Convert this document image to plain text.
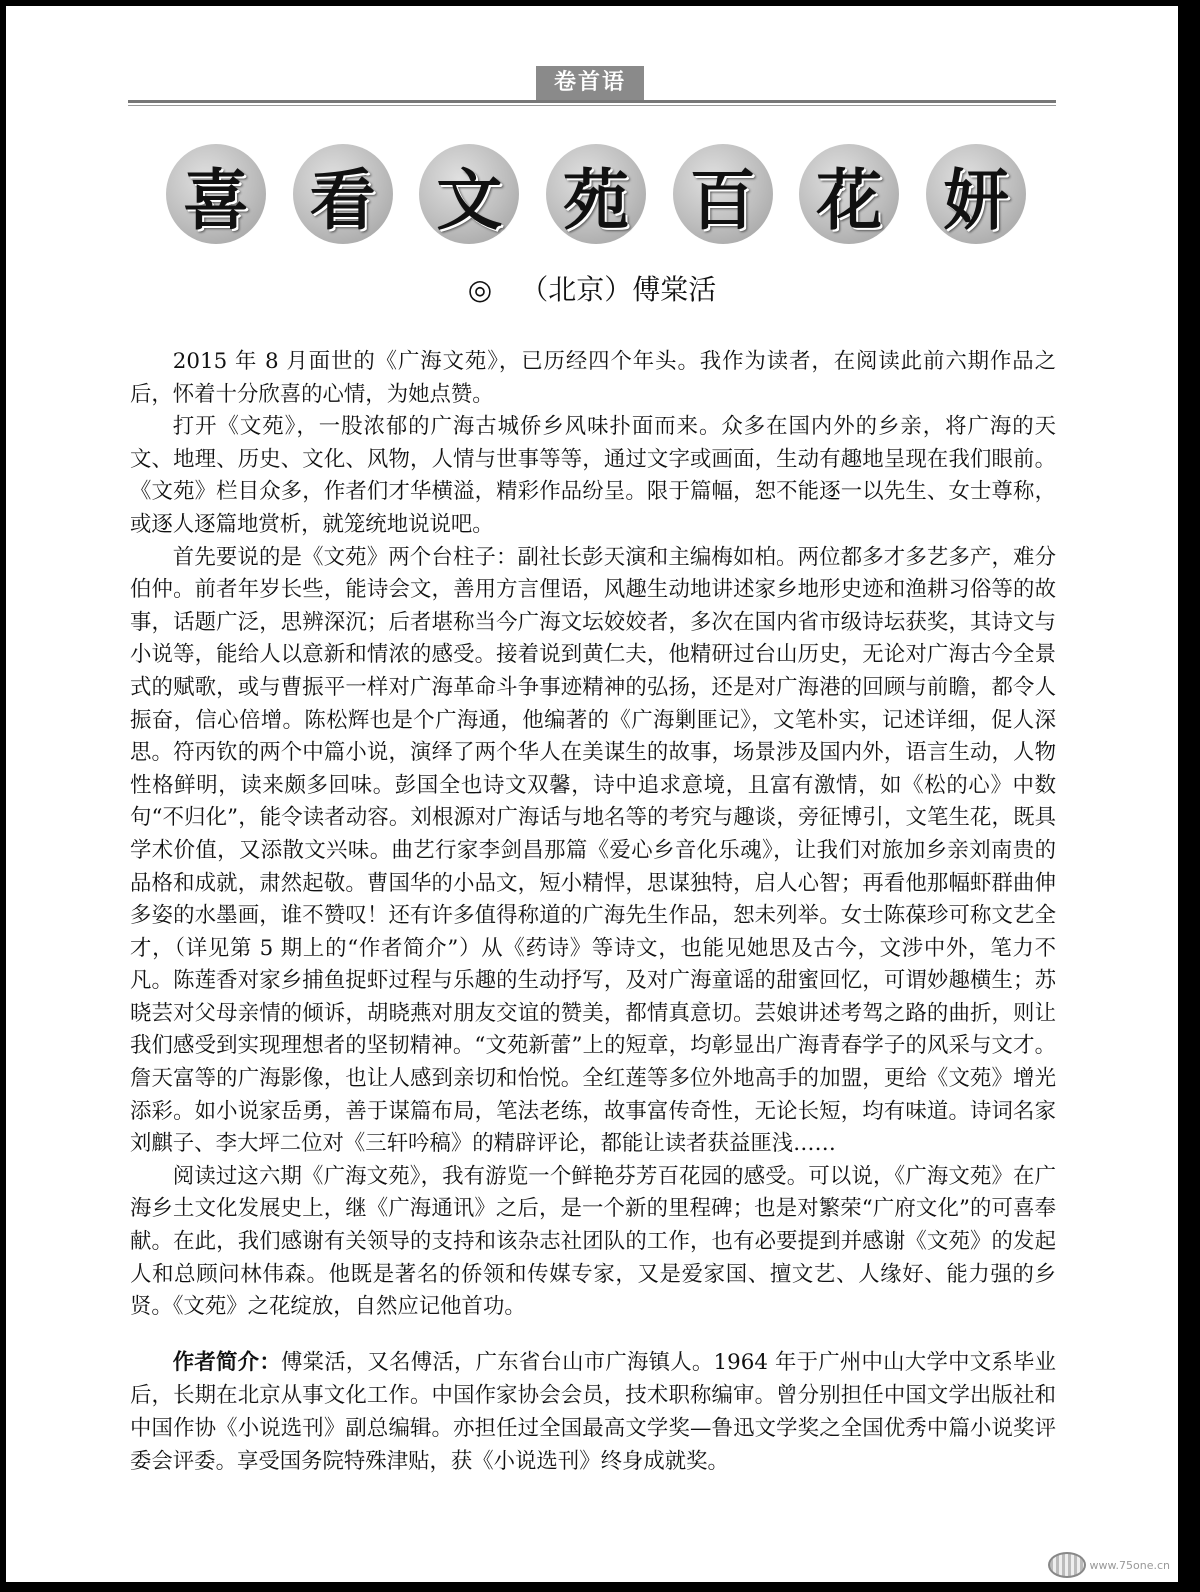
卷首语
喜 看 文 苑 百 花 妍
◎ （北京）傅棠活

2015 年 8 月面世的《广海文苑》，已历经四个年头。我作为读者，在阅读此前六期作品之后，怀着十分欣喜的心情，为她点赞。

打开《文苑》，一股浓郁的广海古城侨乡风味扑面而来。众多在国内外的乡亲，将广海的天文、地理、历史、文化、风物，人情与世事等等，通过文字或画面，生动有趣地呈现在我们眼前。《文苑》栏目众多，作者们才华横溢，精彩作品纷呈。限于篇幅，恕不能逐一以先生、女士尊称，或逐人逐篇地赏析，就笼统地说说吧。

首先要说的是《文苑》两个台柱子：副社长彭天演和主编梅如柏。两位都多才多艺多产，难分伯仲。前者年岁长些，能诗会文，善用方言俚语，风趣生动地讲述家乡地形史迹和渔耕习俗等的故事，话题广泛，思辨深沉；后者堪称当今广海文坛姣姣者，多次在国内省市级诗坛获奖，其诗文与小说等，能给人以意新和情浓的感受。接着说到黄仁夫，他精研过台山历史，无论对广海古今全景式的赋歌，或与曹振平一样对广海革命斗争事迹精神的弘扬，还是对广海港的回顾与前瞻，都令人振奋，信心倍增。陈松辉也是个广海通，他编著的《广海剿匪记》，文笔朴实，记述详细，促人深思。符丙钦的两个中篇小说，演绎了两个华人在美谋生的故事，场景涉及国内外，语言生动，人物性格鲜明，读来颇多回味。彭国全也诗文双馨，诗中追求意境，且富有激情，如《松的心》中数句“不归化”，能令读者动容。刘根源对广海话与地名等的考究与趣谈，旁征博引，文笔生花，既具学术价值，又添散文兴味。曲艺行家李剑昌那篇《爱心乡音化乐魂》，让我们对旅加乡亲刘南贵的品格和成就，肃然起敬。曹国华的小品文，短小精悍，思谋独特，启人心智；再看他那幅虾群曲伸多姿的水墨画，谁不赞叹！还有许多值得称道的广海先生作品，恕未列举。女士陈葆珍可称文艺全才，（详见第 5 期上的“作者简介”）从《药诗》等诗文，也能见她思及古今，文涉中外，笔力不凡。陈莲香对家乡捕鱼捉虾过程与乐趣的生动抒写，及对广海童谣的甜蜜回忆，可谓妙趣横生；苏晓芸对父母亲情的倾诉，胡晓燕对朋友交谊的赞美，都情真意切。芸娘讲述考驾之路的曲折，则让我们感受到实现理想者的坚韧精神。“文苑新蕾”上的短章，均彰显出广海青春学子的风采与文才。詹天富等的广海影像，也让人感到亲切和怡悦。全红莲等多位外地高手的加盟，更给《文苑》增光添彩。如小说家岳勇，善于谋篇布局，笔法老练，故事富传奇性，无论长短，均有味道。诗词名家刘麒子、李大坪二位对《三轩吟稿》的精辟评论，都能让读者获益匪浅……

阅读过这六期《广海文苑》，我有游览一个鲜艳芬芳百花园的感受。可以说，《广海文苑》在广海乡土文化发展史上，继《广海通讯》之后，是一个新的里程碑；也是对繁荣“广府文化”的可喜奉献。在此，我们感谢有关领导的支持和该杂志社团队的工作，也有必要提到并感谢《文苑》的发起人和总顾问林伟森。他既是著名的侨领和传媒专家，又是爱家国、擅文艺、人缘好、能力强的乡贤。《文苑》之花绽放，自然应记他首功。

作者简介：傅棠活，又名傅活，广东省台山市广海镇人。1964 年于广州中山大学中文系毕业后，长期在北京从事文化工作。中国作家协会会员，技术职称编审。曾分别担任中国文学出版社和中国作协《小说选刊》副总编辑。亦担任过全国最高文学奖—鲁迅文学奖之全国优秀中篇小说奖评委会评委。享受国务院特殊津贴，获《小说选刊》终身成就奖。
www.75one.cn
